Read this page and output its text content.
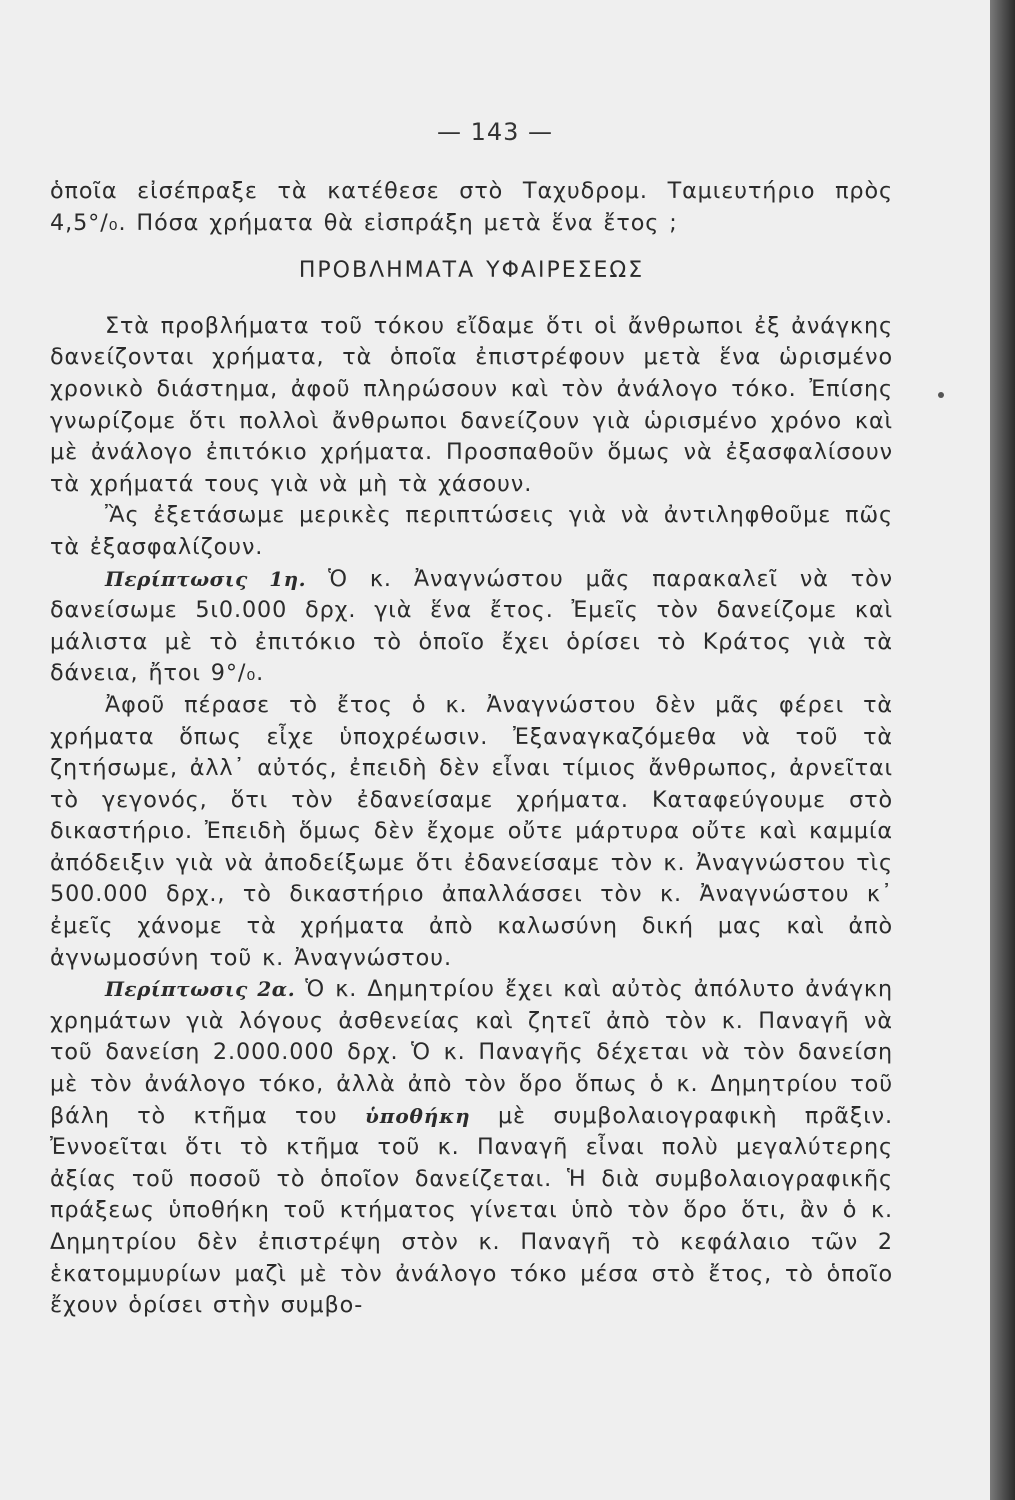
— 143 —

ὁποῖα εἰσέπραξε τὰ κατέθεσε στὸ Ταχυδρομ. Ταμιευτήριο πρὸς 4,5°/₀. Πόσα χρήματα θὰ εἰσπράξη μετὰ ἕνα ἔτος ;

ΠΡΟΒΛΗΜΑΤΑ ΥΦΑΙΡΕΣΕΩΣ

Στὰ προβλήματα τοῦ τόκου εἴδαμε ὅτι οἱ ἄνθρωποι ἐξ ἀνάγκης δανείζονται χρήματα, τὰ ὁποῖα ἐπιστρέφουν μετὰ ἕνα ὡρισμένο χρονικὸ διάστημα, ἀφοῦ πληρώσουν καὶ τὸν ἀνάλογο τόκο. Ἐπίσης γνωρίζομε ὅτι πολλοὶ ἄνθρωποι δανείζουν γιὰ ὡρισμένο χρόνο καὶ μὲ ἀνάλογο ἐπιτόκιο χρήματα. Προσπαθοῦν ὅμως νὰ ἐξασφαλίσουν τὰ χρήματά τους γιὰ νὰ μὴ τὰ χάσουν.

Ἂς ἐξετάσωμε μερικὲς περιπτώσεις γιὰ νὰ ἀντιληφθοῦμε πῶς τὰ ἐξασφαλίζουν.

Περίπτωσις 1η. Ὁ κ. Ἀναγνώστου μᾶς παρακαλεῖ νὰ τὸν δανείσωμε 5ι0.000 δρχ. γιὰ ἕνα ἔτος. Ἐμεῖς τὸν δανείζομε καὶ μάλιστα μὲ τὸ ἐπιτόκιο τὸ ὁποῖο ἔχει ὁρίσει τὸ Κράτος γιὰ τὰ δάνεια, ἤτοι 9°/₀.

Ἀφοῦ πέρασε τὸ ἔτος ὁ κ. Ἀναγνώστου δὲν μᾶς φέρει τὰ χρήματα ὅπως εἶχε ὑποχρέωσιν. Ἐξαναγκαζόμεθα νὰ τοῦ τὰ ζητήσωμε, ἀλλ᾽ αὐτός, ἐπειδὴ δὲν εἶναι τίμιος ἄνθρωπος, ἀρνεῖται τὸ γεγονός, ὅτι τὸν ἐδανείσαμε χρήματα. Καταφεύγουμε στὸ δικαστήριο. Ἐπειδὴ ὅμως δὲν ἔχομε οὔτε μάρτυρα οὔτε καὶ καμμία ἀπόδειξιν γιὰ νὰ ἀποδείξωμε ὅτι ἐδανείσαμε τὸν κ. Ἀναγνώστου τὶς 500.000 δρχ., τὸ δικαστήριο ἀπαλλάσσει τὸν κ. Ἀναγνώστου κ᾽ ἐμεῖς χάνομε τὰ χρήματα ἀπὸ καλωσύνη δική μας καὶ ἀπὸ ἀγνωμοσύνη τοῦ κ. Ἀναγνώστου.

Περίπτωσις 2α. Ὁ κ. Δημητρίου ἔχει καὶ αὐτὸς ἀπόλυτο ἀνάγκη χρημάτων γιὰ λόγους ἀσθενείας καὶ ζητεῖ ἀπὸ τὸν κ. Παναγῆ νὰ τοῦ δανείση 2.000.000 δρχ. Ὁ κ. Παναγῆς δέχεται νὰ τὸν δανείση μὲ τὸν ἀνάλογο τόκο, ἀλλὰ ἀπὸ τὸν ὅρο ὅπως ὁ κ. Δημητρίου τοῦ βάλη τὸ κτῆμα του ὑποθήκη μὲ συμβολαιογραφικὴ πρᾶξιν. Ἐννοεῖται ὅτι τὸ κτῆμα τοῦ κ. Παναγῆ εἶναι πολὺ μεγαλύτερης ἀξίας τοῦ ποσοῦ τὸ ὁποῖον δανείζεται. Ἡ διὰ συμβολαιογραφικῆς πράξεως ὑποθήκη τοῦ κτήματος γίνεται ὑπὸ τὸν ὅρο ὅτι, ἂν ὁ κ. Δημητρίου δὲν ἐπιστρέψη στὸν κ. Παναγῆ τὸ κεφάλαιο τῶν 2 ἑκατομμυρίων μαζὶ μὲ τὸν ἀνάλογο τόκο μέσα στὸ ἔτος, τὸ ὁποῖο ἔχουν ὁρίσει στὴν συμβο-
